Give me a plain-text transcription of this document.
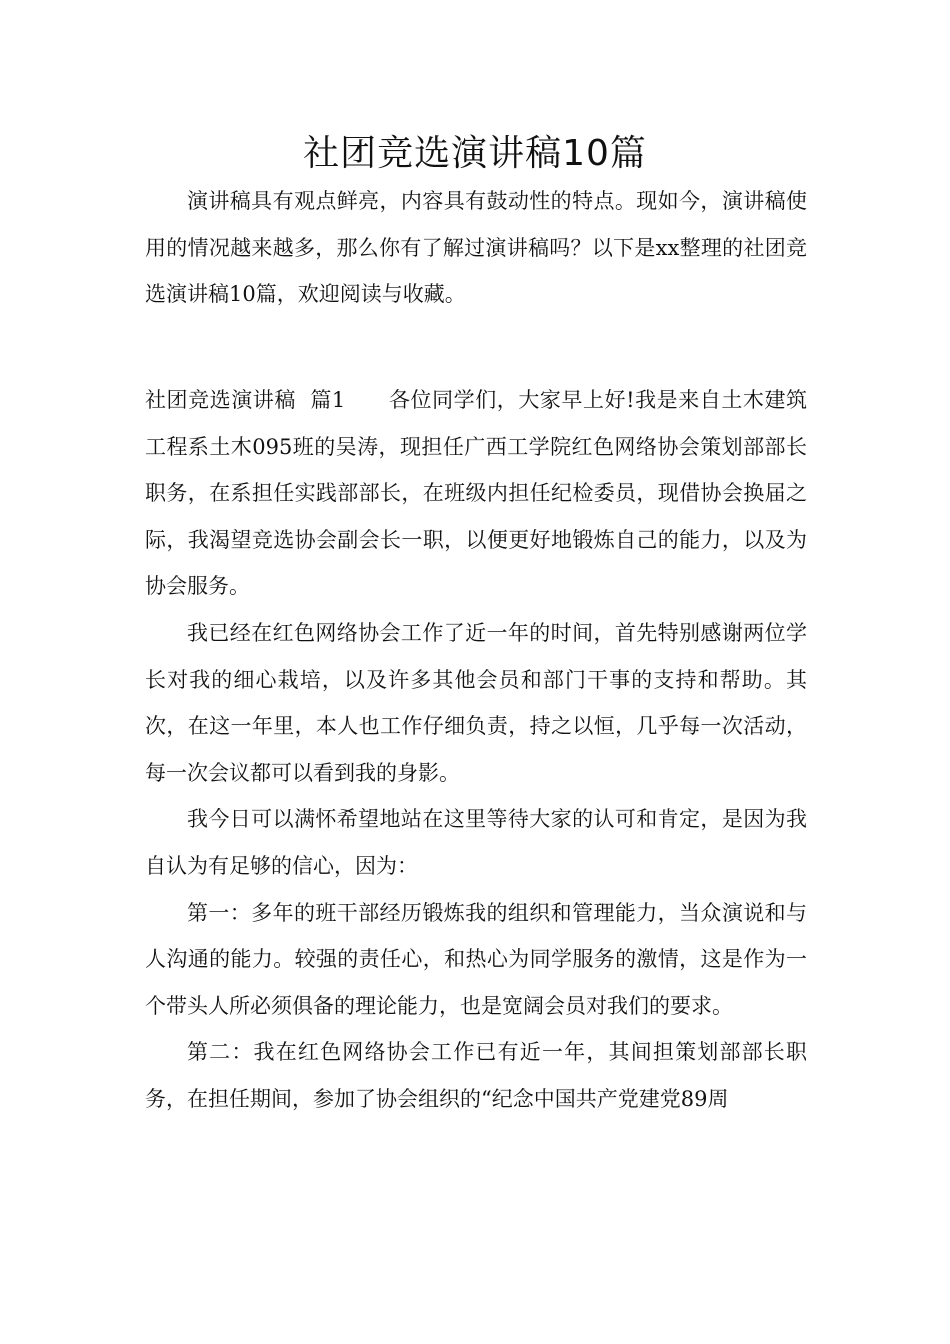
社团竞选演讲稿10篇

演讲稿具有观点鲜亮，内容具有鼓动性的特点。现如今，演讲稿使用的情况越来越多，那么你有了解过演讲稿吗？以下是xx整理的社团竞选演讲稿10篇，欢迎阅读与收藏。

社团竞选演讲稿  篇1　　 各位同学们，大家早上好!我是来自土木建筑工程系土木095班的吴涛，现担任广西工学院红色网络协会策划部部长职务，在系担任实践部部长，在班级内担任纪检委员，现借协会换届之际，我渴望竞选协会副会长一职，以便更好地锻炼自己的能力，以及为协会服务。

我已经在红色网络协会工作了近一年的时间，首先特别感谢两位学长对我的细心栽培，以及许多其他会员和部门干事的支持和帮助。其次，在这一年里，本人也工作仔细负责，持之以恒，几乎每一次活动，每一次会议都可以看到我的身影。

我今日可以满怀希望地站在这里等待大家的认可和肯定，是因为我自认为有足够的信心，因为：

第一：多年的班干部经历锻炼我的组织和管理能力，当众演说和与人沟通的能力。较强的责任心，和热心为同学服务的激情，这是作为一个带头人所必须俱备的理论能力，也是宽阔会员对我们的要求。

第二：我在红色网络协会工作已有近一年，其间担策划部部长职务，在担任期间，参加了协会组织的“纪念中国共产党建党89周
